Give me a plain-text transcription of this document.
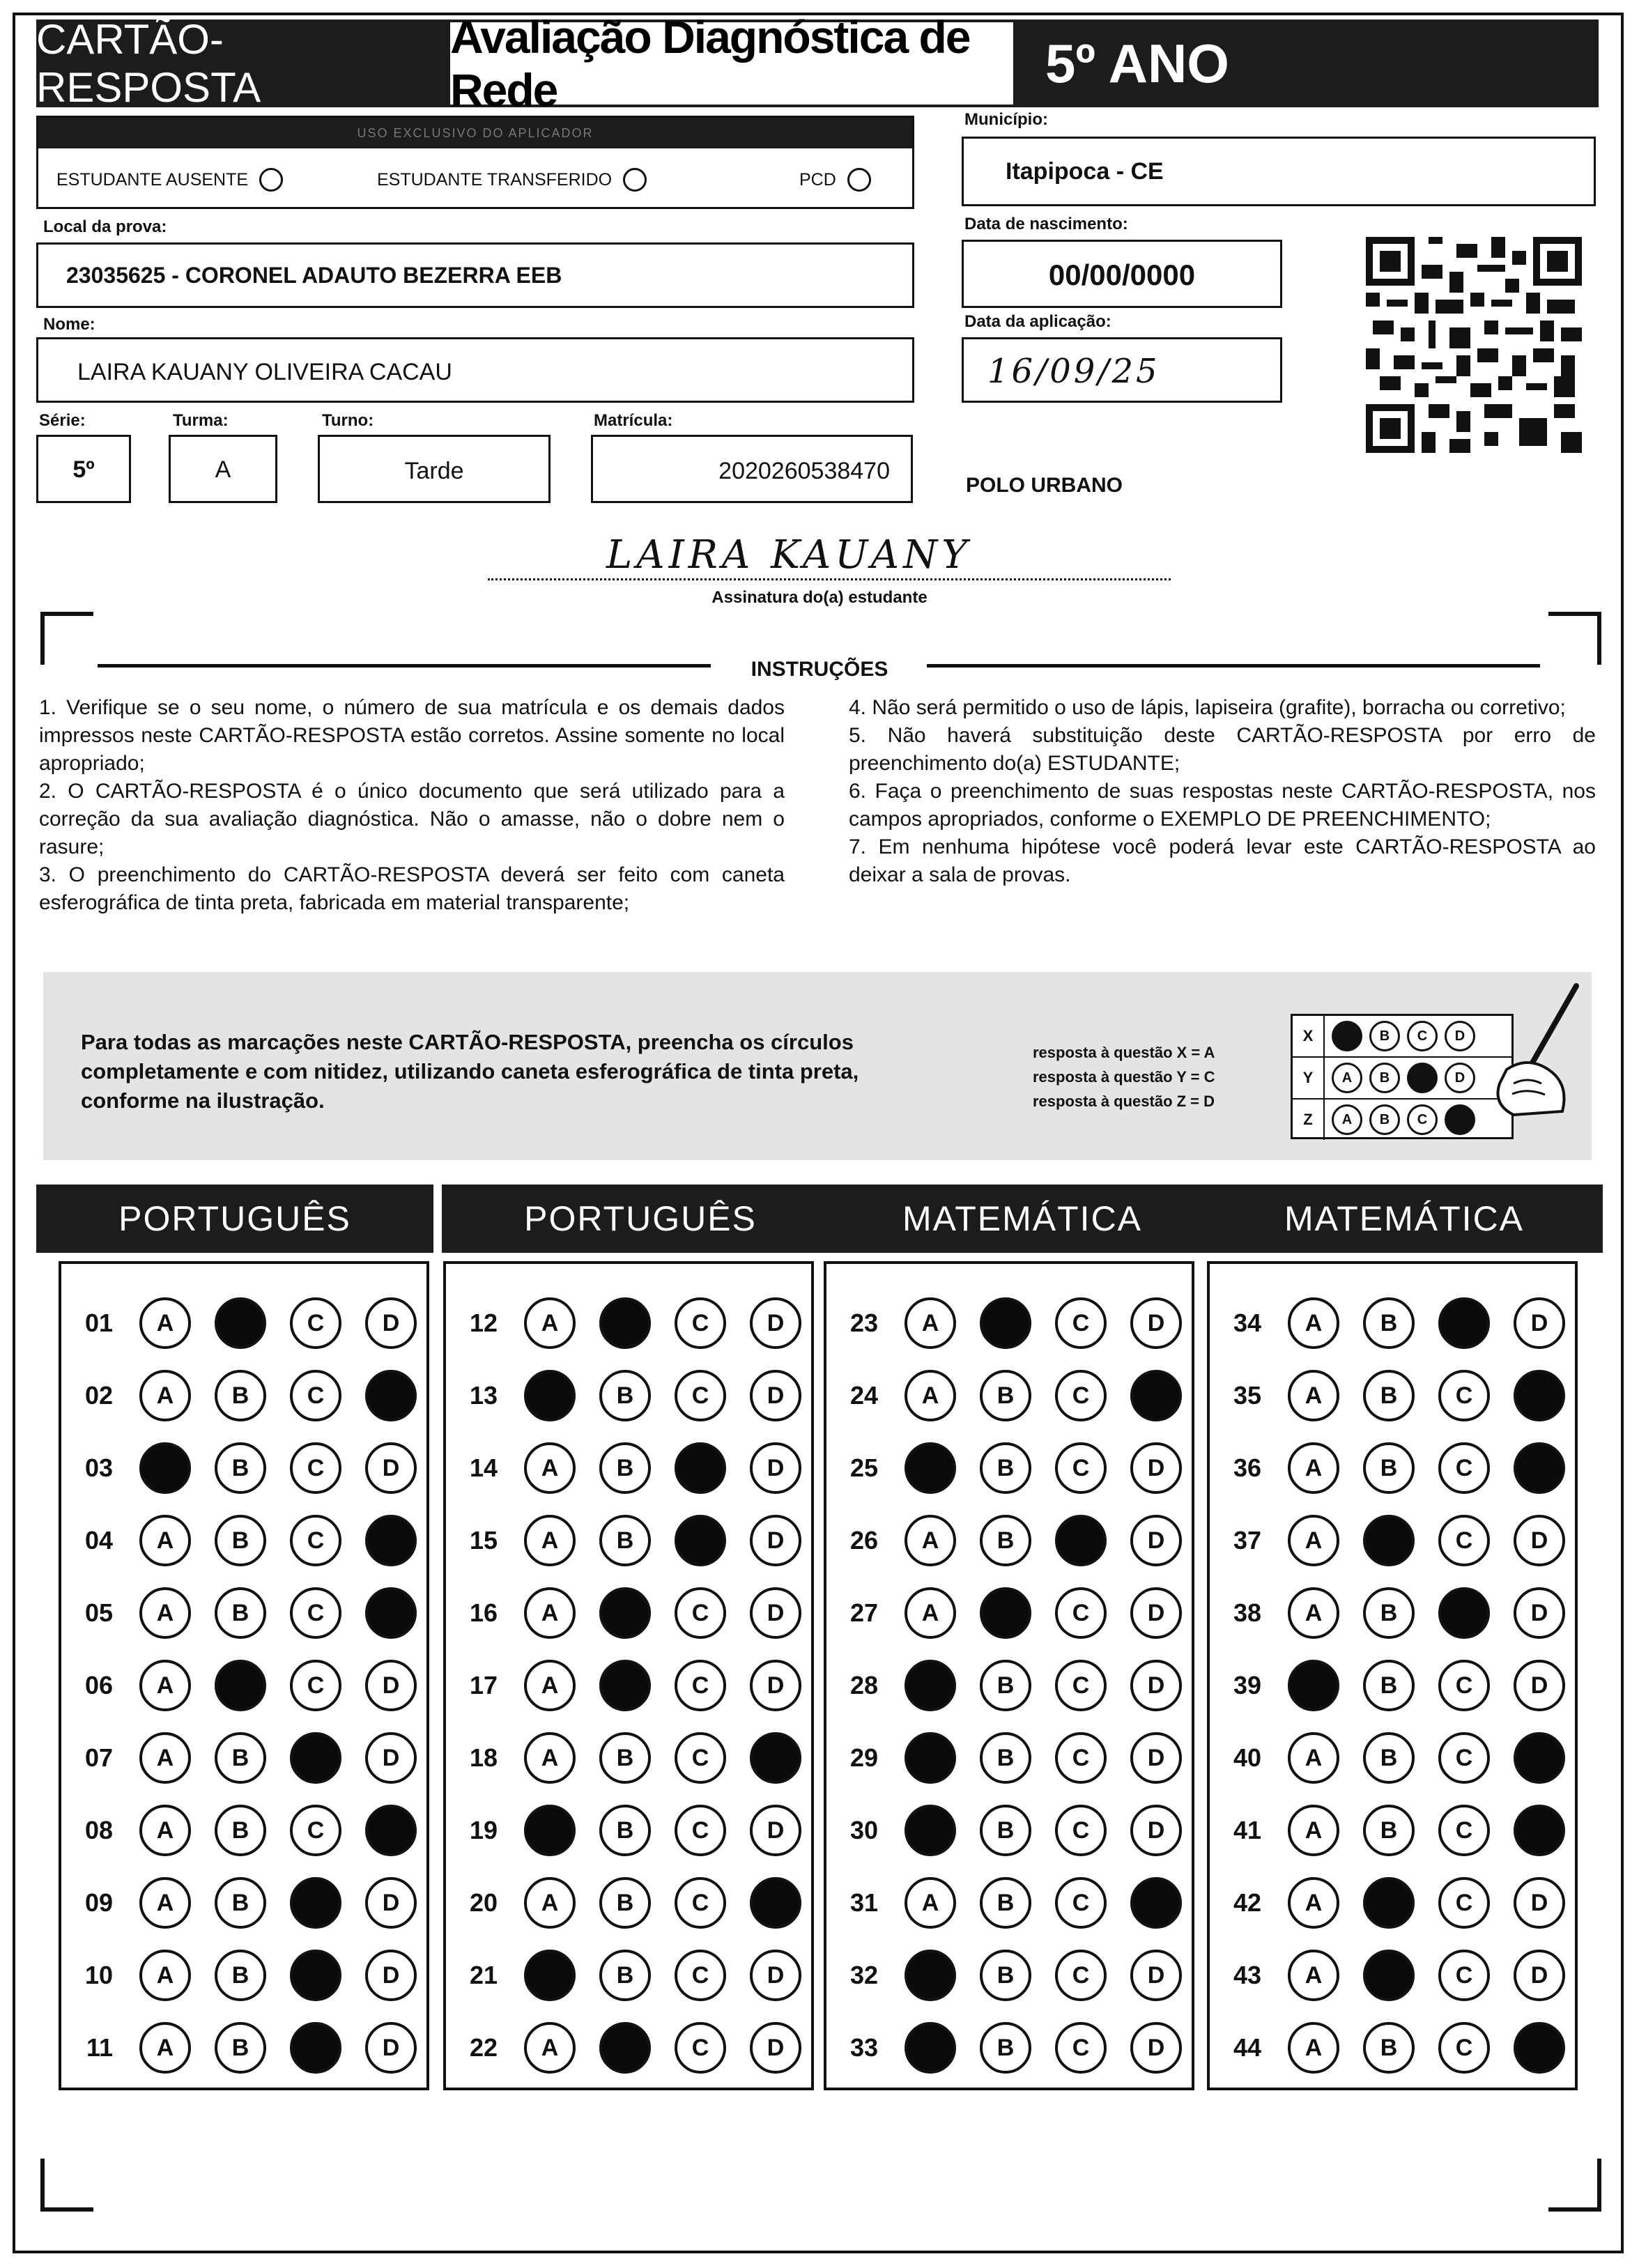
CARTÃO-RESPOSTA
Avaliação Diagnóstica de Rede	5º ANO
USO EXCLUSIVO DO APLICADOR
ESTUDANTE AUSENTE	ESTUDANTE TRANSFERIDO	PCD
Município:
Itapipoca - CE
Local da prova:
23035625 - CORONEL ADAUTO BEZERRA EEB
Data de nascimento:
00/00/0000
Data da aplicação:
16/09/25
Nome:
LAIRA KAUANY OLIVEIRA CACAU
Série:
5º
Turma:
A
Turno:
Tarde
Matrícula:
2020260538470
POLO URBANO
LAIRA KAUANY
Assinatura do(a) estudante
INSTRUÇÕES

1. Verifique se o seu nome, o número de sua matrícula e os demais dados impressos neste CARTÃO-RESPOSTA estão corretos. Assine somente no local apropriado;

2. O CARTÃO-RESPOSTA é o único documento que será utilizado para a correção da sua avaliação diagnóstica. Não o amasse, não o dobre nem o rasure;

3. O preenchimento do CARTÃO-RESPOSTA deverá ser feito com caneta esferográfica de tinta preta, fabricada em material transparente;

4. Não será permitido o uso de lápis, lapiseira (grafite), borracha ou corretivo;

5. Não haverá substituição deste CARTÃO-RESPOSTA por erro de preenchimento do(a) ESTUDANTE;

6. Faça o preenchimento de suas respostas neste CARTÃO-RESPOSTA, nos campos apropriados, conforme o EXEMPLO DE PREENCHIMENTO;

7. Em nenhuma hipótese você poderá levar este CARTÃO-RESPOSTA ao deixar a sala de provas.

Para todas as marcações neste CARTÃO-RESPOSTA, preencha os círculos completamente e com nitidez, utilizando caneta esferográfica de tinta preta, conforme na ilustração.
resposta à questão X = A
resposta à questão Y = C
resposta à questão Z = D
X	A	B	C	D
Y	A	B	C	D
Z	A	B	C	D
PORTUGUÊS
01	A	B	C	D
02	A	B	C	D
03	A	B	C	D
04	A	B	C	D
05	A	B	C	D
06	A	B	C	D
07	A	B	C	D
08	A	B	C	D
09	A	B	C	D
10	A	B	C	D
11	A	B	C	D
PORTUGUÊS
12	A	B	C	D
13	A	B	C	D
14	A	B	C	D
15	A	B	C	D
16	A	B	C	D
17	A	B	C	D
18	A	B	C	D
19	A	B	C	D
20	A	B	C	D
21	A	B	C	D
22	A	B	C	D
MATEMÁTICA
23	A	B	C	D
24	A	B	C	D
25	A	B	C	D
26	A	B	C	D
27	A	B	C	D
28	A	B	C	D
29	A	B	C	D
30	A	B	C	D
31	A	B	C	D
32	A	B	C	D
33	A	B	C	D
MATEMÁTICA
34	A	B	C	D
35	A	B	C	D
36	A	B	C	D
37	A	B	C	D
38	A	B	C	D
39	A	B	C	D
40	A	B	C	D
41	A	B	C	D
42	A	B	C	D
43	A	B	C	D
44	A	B	C	D
